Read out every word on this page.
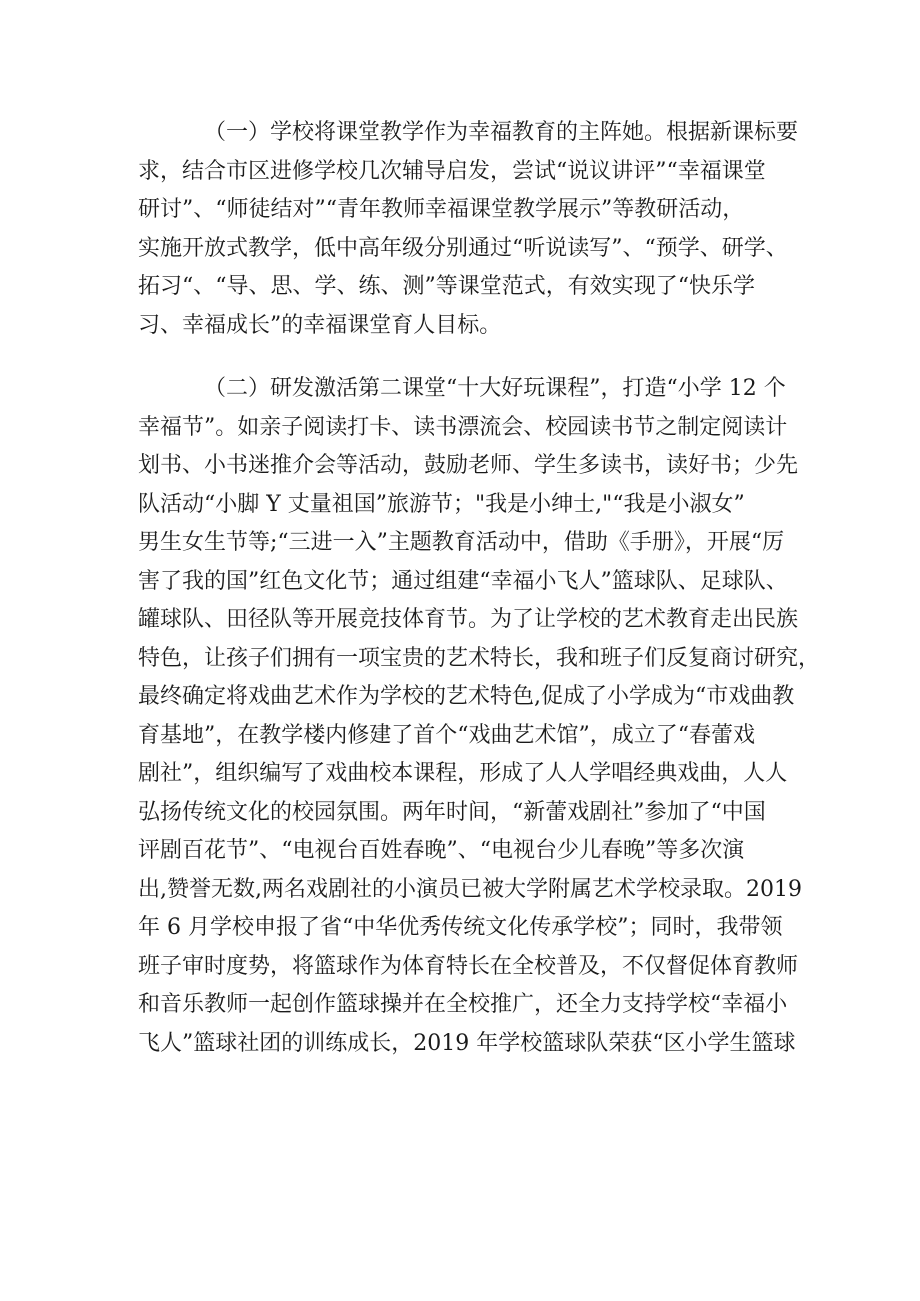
（一）学校将课堂教学作为幸福教育的主阵她。根据新课标要
求，结合市区进修学校几次辅导启发，尝试“说议讲评”“幸福课堂
研讨”、“师徒结对”“青年教师幸福课堂教学展示”等教研活动，
实施开放式教学，低中高年级分别通过“听说读写”、“预学、研学、
拓习“、“导、思、学、练、测”等课堂范式，有效实现了“快乐学
习、幸福成长”的幸福课堂育人目标。
（二）研发激活第二课堂“十大好玩课程”，打造“小学 12 个
幸福节”。如亲子阅读打卡、读书漂流会、校园读书节之制定阅读计
划书、小书迷推介会等活动，鼓励老师、学生多读书，读好书；少先
队活动“小脚 Y 丈量祖国”旅游节；"我是小绅士,"“我是小淑女”
男生女生节等;“三进一入”主题教育活动中，借助《手册》，开展“厉
害了我的国”红色文化节；通过组建“幸福小飞人”篮球队、足球队、
罐球队、田径队等开展竞技体育节。为了让学校的艺术教育走出民族
特色，让孩子们拥有一项宝贵的艺术特长，我和班子们反复商讨研究，
最终确定将戏曲艺术作为学校的艺术特色,促成了小学成为“市戏曲教
育基地”，在教学楼内修建了首个“戏曲艺术馆”，成立了“春蕾戏
剧社”，组织编写了戏曲校本课程，形成了人人学唱经典戏曲，人人
弘扬传统文化的校园氛围。两年时间，“新蕾戏剧社”参加了“中国
评剧百花节”、“电视台百姓春晚”、“电视台少儿春晚”等多次演
出,赞誉无数,两名戏剧社的小演员已被大学附属艺术学校录取。2019
年 6 月学校申报了省“中华优秀传统文化传承学校”；同时，我带领
班子审时度势，将篮球作为体育特长在全校普及，不仅督促体育教师
和音乐教师一起创作篮球操并在全校推广，还全力支持学校“幸福小
飞人”篮球社团的训练成长，2019 年学校篮球队荣获“区小学生篮球
